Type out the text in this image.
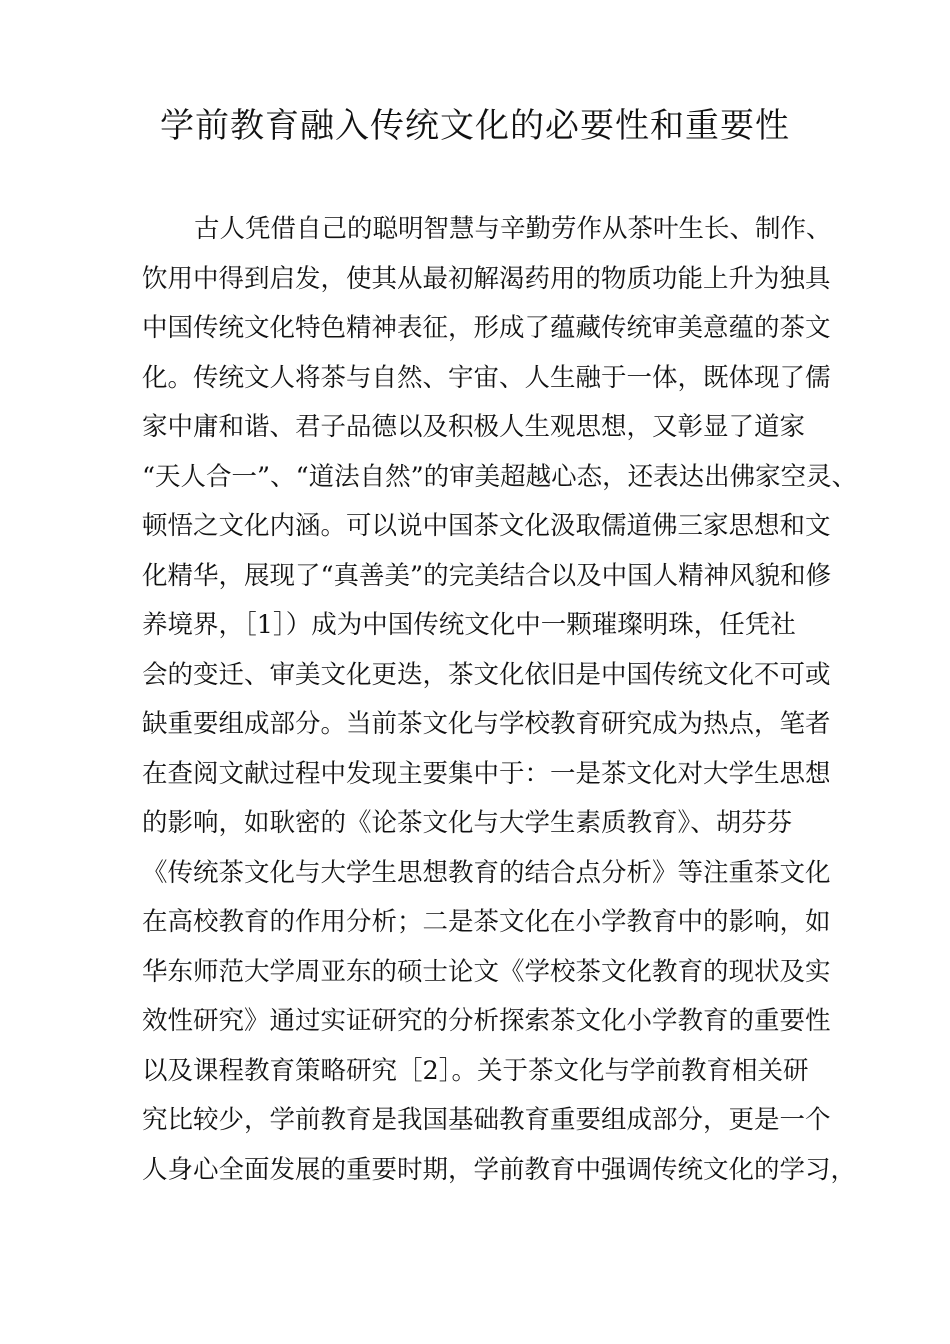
学前教育融入传统文化的必要性和重要性
古人凭借自己的聪明智慧与辛勤劳作从茶叶生长、制作、
饮用中得到启发，使其从最初解渴药用的物质功能上升为独具
中国传统文化特色精神表征，形成了蕴藏传统审美意蕴的茶文
化。传统文人将茶与自然、宇宙、人生融于一体，既体现了儒
家中庸和谐、君子品德以及积极人生观思想，又彰显了道家
“天人合一”、“道法自然”的审美超越心态，还表达出佛家空灵、
顿悟之文化内涵。可以说中国茶文化汲取儒道佛三家思想和文
化精华，展现了“真善美”的完美结合以及中国人精神风貌和修
养境界，［1］）成为中国传统文化中一颗璀璨明珠，任凭社
会的变迁、审美文化更迭，茶文化依旧是中国传统文化不可或
缺重要组成部分。当前茶文化与学校教育研究成为热点，笔者
在查阅文献过程中发现主要集中于：一是茶文化对大学生思想
的影响，如耿密的《论茶文化与大学生素质教育》、胡芬芬
《传统茶文化与大学生思想教育的结合点分析》等注重茶文化
在高校教育的作用分析；二是茶文化在小学教育中的影响，如
华东师范大学周亚东的硕士论文《学校茶文化教育的现状及实
效性研究》通过实证研究的分析探索茶文化小学教育的重要性
以及课程教育策略研究［2］。关于茶文化与学前教育相关研
究比较少，学前教育是我国基础教育重要组成部分，更是一个
人身心全面发展的重要时期，学前教育中强调传统文化的学习，
